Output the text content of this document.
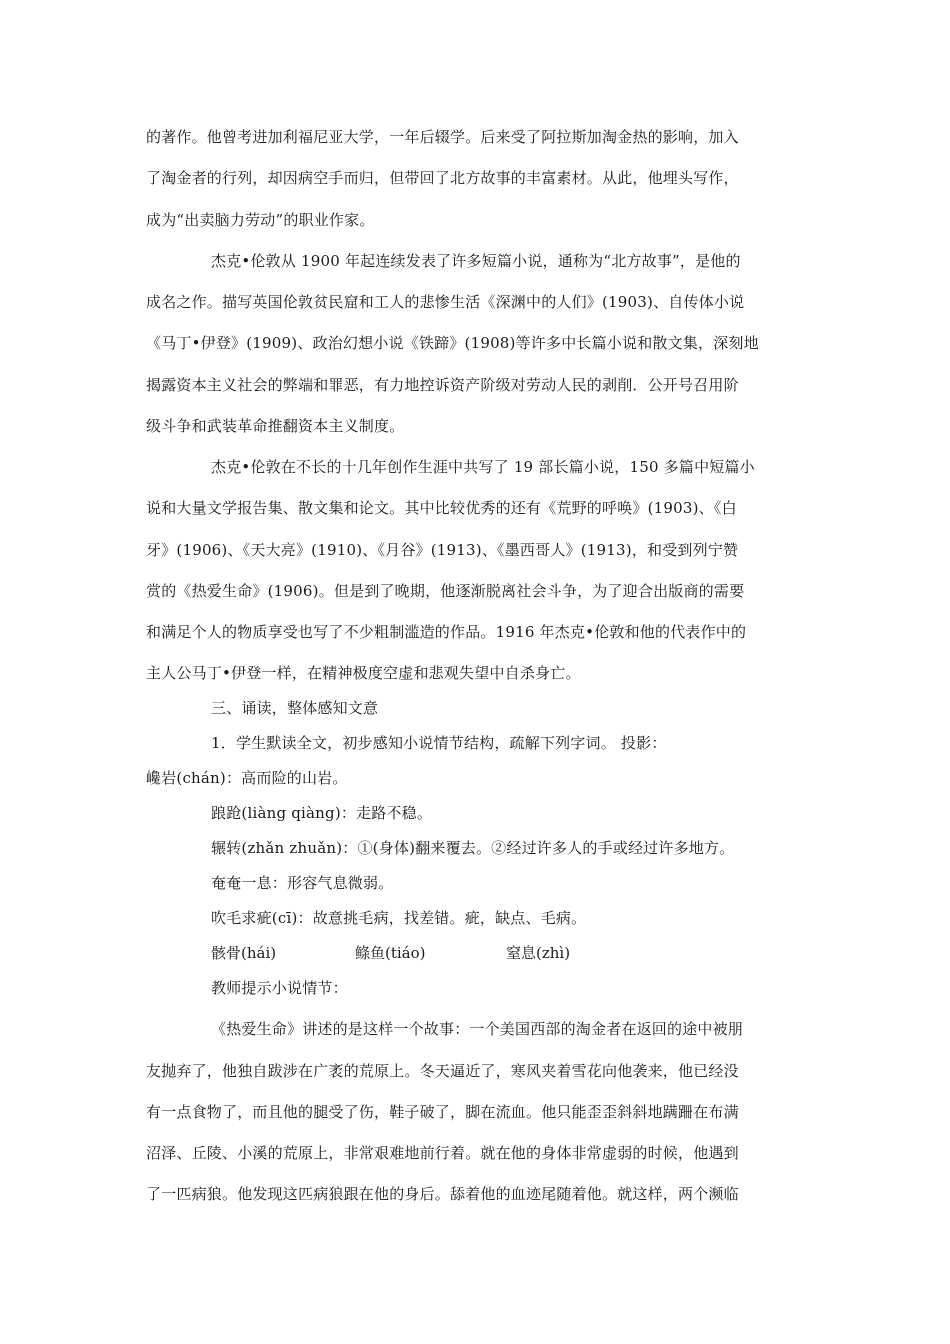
的著作。他曾考进加利福尼亚大学，一年后辍学。后来受了阿拉斯加淘金热的影响，加入
了淘金者的行列，却因病空手而归，但带回了北方故事的丰富素材。从此，他埋头写作，
成为“出卖脑力劳动”的职业作家。
杰克•伦敦从 1900 年起连续发表了许多短篇小说，通称为“北方故事”，是他的
成名之作。描写英国伦敦贫民窟和工人的悲惨生活《深渊中的人们》(1903)、自传体小说
《马丁•伊登》(1909)、政治幻想小说《铁蹄》(1908)等许多中长篇小说和散文集，深刻地
揭露资本主义社会的弊端和罪恶，有力地控诉资产阶级对劳动人民的剥削．公开号召用阶
级斗争和武装革命推翻资本主义制度。
杰克•伦敦在不长的十几年创作生涯中共写了 19 部长篇小说，150 多篇中短篇小
说和大量文学报告集、散文集和论文。其中比较优秀的还有《荒野的呼唤》(1903)、《白
牙》(1906)、《天大亮》(1910)、《月谷》(1913)、《墨西哥人》(1913)，和受到列宁赞
赏的《热爱生命》(1906)。但是到了晚期，他逐渐脱离社会斗争，为了迎合出版商的需要
和满足个人的物质享受也写了不少粗制滥造的作品。1916 年杰克•伦敦和他的代表作中的
主人公马丁•伊登一样，在精神极度空虚和悲观失望中自杀身亡。
三、诵读，整体感知文意
1．学生默读全文，初步感知小说情节结构，疏解下列字词。 投影：
巉岩(chán)：高而险的山岩。
踉跄(liàng qiàng)：走路不稳。
辗转(zhǎn zhuǎn)：①(身体)翻来覆去。②经过许多人的手或经过许多地方。
奄奄一息：形容气息微弱。
吹毛求疵(cī)：故意挑毛病，找差错。疵，缺点、毛病。
骸骨(hái)	鲦鱼(tiáo)	窒息(zhì)
教师提示小说情节：
《热爱生命》讲述的是这样一个故事：一个美国西部的淘金者在返回的途中被朋
友抛弃了，他独自跋涉在广袤的荒原上。冬天逼近了，寒风夹着雪花向他袭来，他已经没
有一点食物了，而且他的腿受了伤，鞋子破了，脚在流血。他只能歪歪斜斜地蹒跚在布满
沼泽、丘陵、小溪的荒原上，非常艰难地前行着。就在他的身体非常虚弱的时候，他遇到
了一匹病狼。他发现这匹病狼跟在他的身后。舔着他的血迹尾随着他。就这样，两个濒临
